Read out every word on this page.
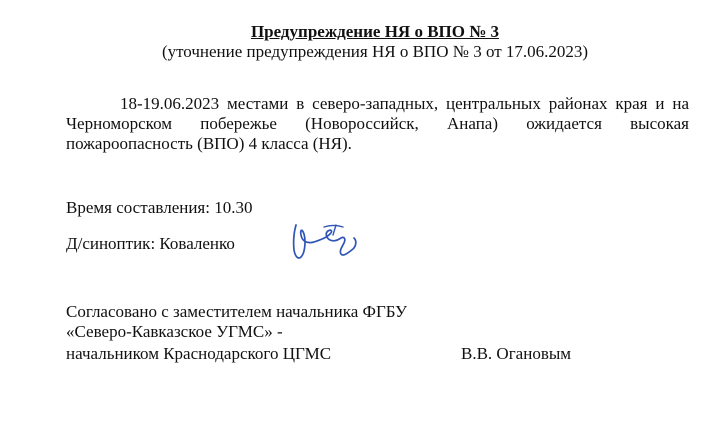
Предупреждение НЯ о ВПО № 3
(уточнение предупреждения НЯ о ВПО № 3 от 17.06.2023)
18-19.06.2023 местами в северо-западных, центральных районах края и на Черноморском побережье (Новороссийск, Анапа) ожидается высокая пожароопасность (ВПО) 4 класса (НЯ).
Время составления: 10.30
Д/синоптик: Коваленко
Согласовано с заместителем начальника ФГБУ
«Северо-Кавказское УГМС» -
начальником Краснодарского ЦГМС	В.В. Огановым
